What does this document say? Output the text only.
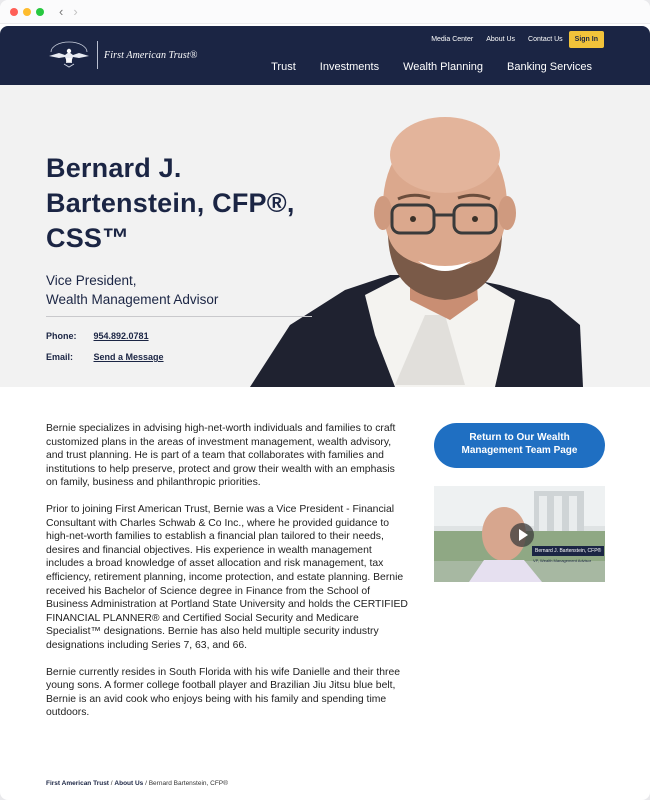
‹ ›
First American Trust®
Media Center About Us Contact Us	Sign In
Trust Investments Wealth Planning Banking Services
Bernard J. Bartenstein, CFP®, CSS™
Vice President,
Wealth Management Advisor
Phone: 954.892.0781
Email: Send a Message

Bernie specializes in advising high-net-worth individuals and families to craft customized plans in the areas of investment management, wealth advisory, and trust planning. He is part of a team that collaborates with families and institutions to help preserve, protect and grow their wealth with an emphasis on family, business and philanthropic priorities.

Prior to joining First American Trust, Bernie was a Vice President - Financial Consultant with Charles Schwab & Co Inc., where he provided guidance to high-net-worth families to establish a financial plan tailored to their needs, desires and financial objectives. His experience in wealth management includes a broad knowledge of asset allocation and risk management, tax efficiency, retirement planning, income protection, and estate planning. Bernie received his Bachelor of Science degree in Finance from the School of Business Administration at Portland State University and holds the CERTIFIED FINANCIAL PLANNER® and Certified Social Security and Medicare Specialist™ designations. Bernie has also held multiple security industry designations including Series 7, 63, and 66.

Bernie currently resides in South Florida with his wife Danielle and their three young sons. A former college football player and Brazilian Jiu Jitsu blue belt, Bernie is an avid cook who enjoys being with his family and spending time outdoors.

Return to Our Wealth Management Team Page
Bernard J. Bartenstein, CFP®
VP, Wealth Management Advisor
First American Trust / About Us / Bernard Bartenstein, CFP®
